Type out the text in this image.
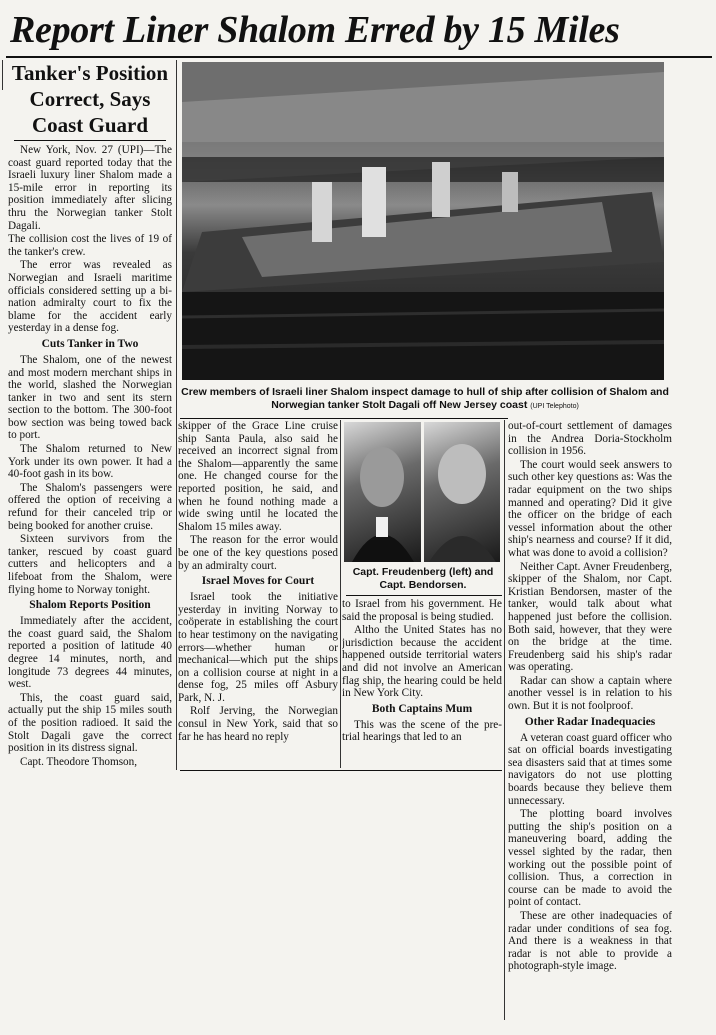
Report Liner Shalom Erred by 15 Miles
Tanker's Position
Correct, Says
Coast Guard

New York, Nov. 27 (UPI)—The coast guard reported today that the Israeli luxury liner Shalom made a 15-mile error in reporting its position immediately after slicing thru the Norwegian tanker Stolt Dagali.

The collision cost the lives of 19 of the tanker's crew.

The error was revealed as Norwegian and Israeli maritime officials considered setting up a bi-nation admiralty court to fix the blame for the accident early yesterday in a dense fog.

Cuts Tanker in Two

The Shalom, one of the newest and most modern merchant ships in the world, slashed the Norwegian tanker in two and sent its stern section to the bottom. The 300-foot bow section was being towed back to port.

The Shalom returned to New York under its own power. It had a 40-foot gash in its bow.

The Shalom's passengers were offered the option of receiving a refund for their canceled trip or being booked for another cruise.

Sixteen survivors from the tanker, rescued by coast guard cutters and helicopters and a lifeboat from the Shalom, were flying home to Norway tonight.

Shalom Reports Position

Immediately after the accident, the coast guard said, the Shalom reported a position of latitude 40 degree 14 minutes, north, and longitude 73 degrees 44 minutes, west.

This, the coast guard said, actually put the ship 15 miles south of the position radioed. It said the Stolt Dagali gave the correct position in its distress signal.

Capt. Theodore Thomson,

Crew members of Israeli liner Shalom inspect damage to hull of ship after collision of Shalom and Norwegian tanker Stolt Dagali off New Jersey coast (UPI Telephoto)

skipper of the Grace Line cruise ship Santa Paula, also said he received an incorrect signal from the Shalom—apparently the same one. He changed course for the reported position, he said, and when he found nothing made a wide swing until he located the Shalom 15 miles away.

The reason for the error would be one of the key questions posed by an admiralty court.

Israel Moves for Court

Israel took the initiative yesterday in inviting Norway to coöperate in establishing the court to hear testimony on the navigating errors—whether human or mechanical—which put the ships on a collision course at night in a dense fog, 25 miles off Asbury Park, N. J.

Rolf Jerving, the Norwegian consul in New York, said that so far he has heard no reply

Capt. Freudenberg (left) and Capt. Bendorsen.

to Israel from his government. He said the proposal is being studied.

Altho the United States has no jurisdiction because the accident happened outside territorial waters and did not involve an American flag ship, the hearing could be held in New York City.

Both Captains Mum

This was the scene of the pre-trial hearings that led to an

out-of-court settlement of damages in the Andrea Doria-Stockholm collision in 1956.

The court would seek answers to such other key questions as: Was the radar equipment on the two ships manned and operating? Did it give the officer on the bridge of each vessel information about the other ship's nearness and course? If it did, what was done to avoid a collision?

Neither Capt. Avner Freudenberg, skipper of the Shalom, nor Capt. Kristian Bendorsen, master of the tanker, would talk about what happened just before the collision. Both said, however, that they were on the bridge at the time. Freudenberg said his ship's radar was operating.

Radar can show a captain where another vessel is in relation to his own. But it is not foolproof.

Other Radar Inadequacies

A veteran coast guard officer who sat on official boards investigating sea disasters said that at times some navigators do not use plotting boards because they believe them unnecessary.

The plotting board involves putting the ship's position on a maneuvering board, adding the vessel sighted by the radar, then working out the possible point of collision. Thus, a correction in course can be made to avoid the point of contact.

These are other inadequacies of radar under conditions of sea fog. And there is a weakness in that radar is not able to provide a photograph-style image.
